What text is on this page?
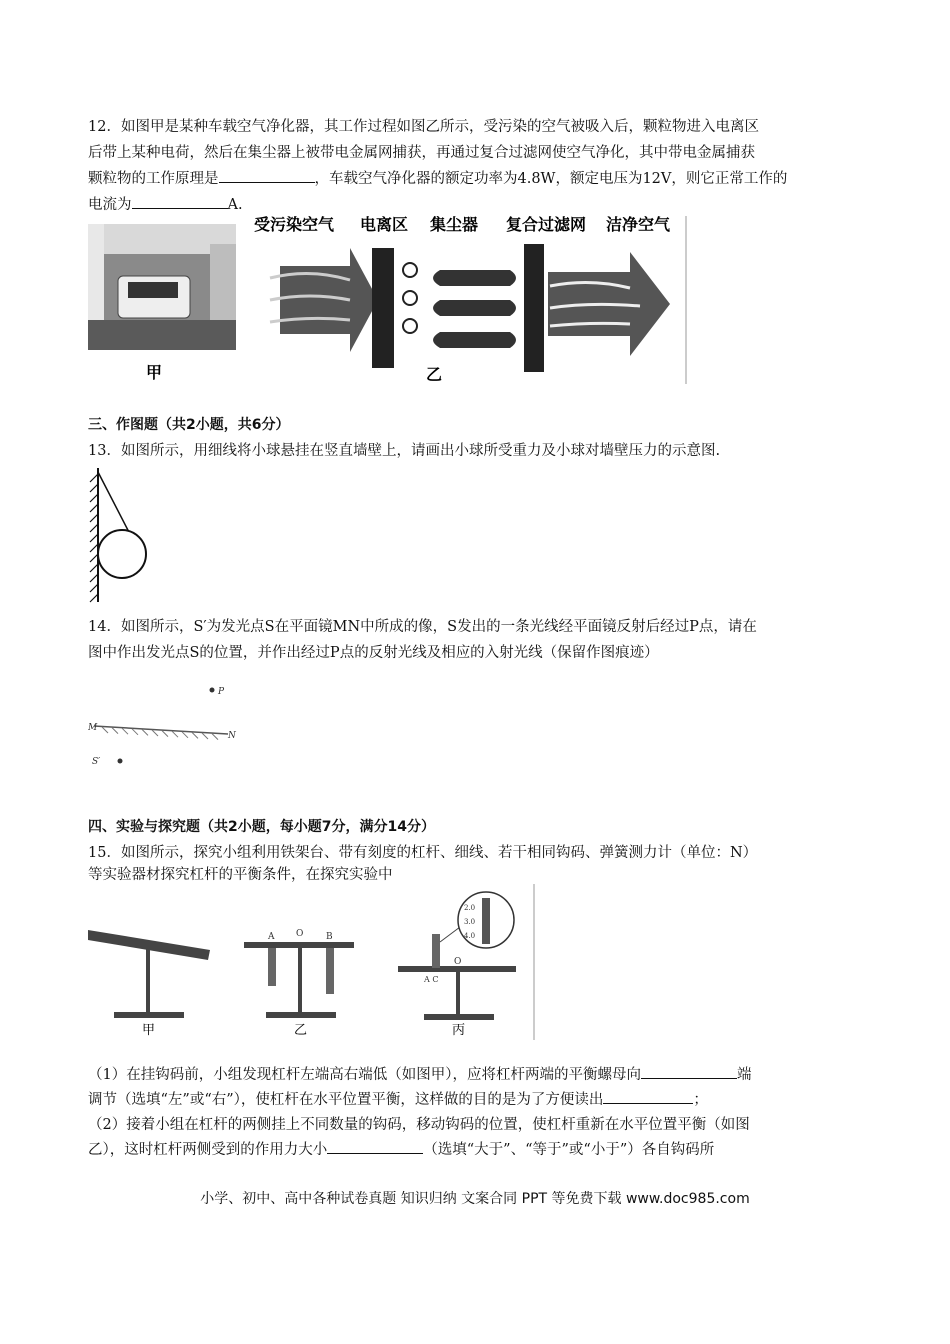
12．如图甲是某种车载空气净化器，其工作过程如图乙所示，受污染的空气被吸入后，颗粒物进入电离区
后带上某种电荷，然后在集尘器上被带电金属网捕获，再通过复合过滤网使空气净化，其中带电金属捕获
颗粒物的工作原理是	，车载空气净化器的额定功率为4.8W，额定电压为12V，则它正常工作的
电流为	A.
甲
受污染空气 电离区 集尘器 复合过滤网 洁净空气
乙
三、作图题（共2小题，共6分）
13．如图所示，用细线将小球悬挂在竖直墙壁上，请画出小球所受重力及小球对墙壁压力的示意图.
14．如图所示，S′为发光点S在平面镜MN中所成的像，S发出的一条光线经平面镜反射后经过P点，请在
图中作出发光点S的位置，并作出经过P点的反射光线及相应的入射光线（保留作图痕迹）
P
M
N
S′
四、实验与探究题（共2小题，每小题7分，满分14分）
15．如图所示，探究小组利用铁架台、带有刻度的杠杆、细线、若干相同钩码、弹簧测力计（单位：N）
等实验器材探究杠杆的平衡条件，在探究实验中
甲
A O	B
乙
2.0
3.0
4.0
O
A C
丙
（1）在挂钩码前，小组发现杠杆左端高右端低（如图甲），应将杠杆两端的平衡螺母向	端
调节（选填“左”或“右”），使杠杆在水平位置平衡，这样做的目的是为了方便读出	；
（2）接着小组在杠杆的两侧挂上不同数量的钩码，移动钩码的位置，使杠杆重新在水平位置平衡（如图
乙），这时杠杆两侧受到的作用力大小	（选填“大于”、“等于”或“小于”）各自钩码所
小学、初中、高中各种试卷真题 知识归纳 文案合同 PPT 等免费下载 www.doc985.com
